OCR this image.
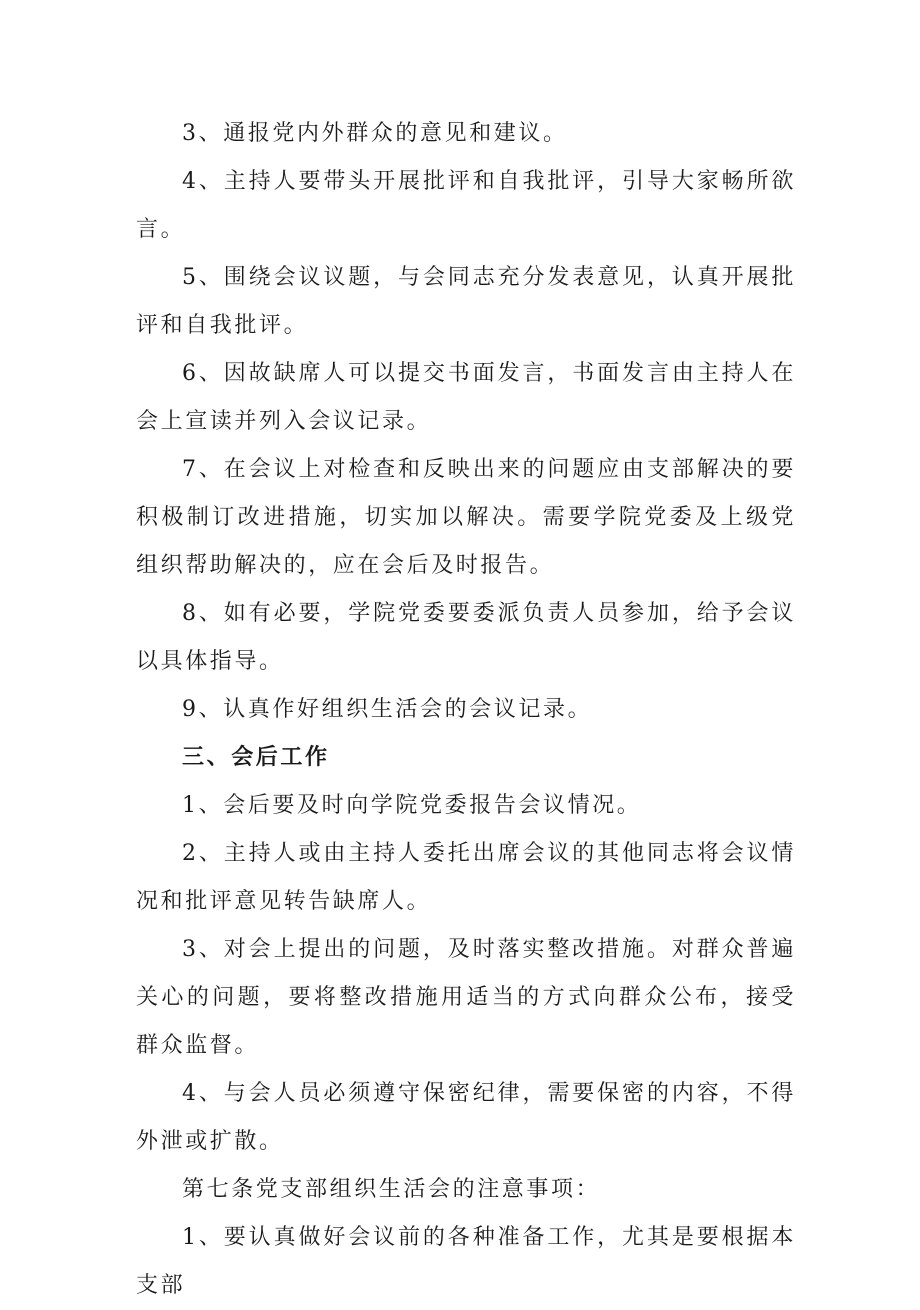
3、通报党内外群众的意见和建议。

4、主持人要带头开展批评和自我批评，引导大家畅所欲言。

5、围绕会议议题，与会同志充分发表意见，认真开展批评和自我批评。

6、因故缺席人可以提交书面发言，书面发言由主持人在会上宣读并列入会议记录。

7、在会议上对检查和反映出来的问题应由支部解决的要积极制订改进措施，切实加以解决。需要学院党委及上级党组织帮助解决的，应在会后及时报告。

8、如有必要，学院党委要委派负责人员参加，给予会议以具体指导。

9、认真作好组织生活会的会议记录。

三、会后工作

1、会后要及时向学院党委报告会议情况。

2、主持人或由主持人委托出席会议的其他同志将会议情况和批评意见转告缺席人。

3、对会上提出的问题，及时落实整改措施。对群众普遍关心的问题，要将整改措施用适当的方式向群众公布，接受群众监督。

4、与会人员必须遵守保密纪律，需要保密的内容，不得外泄或扩散。

第七条党支部组织生活会的注意事项：

1、要认真做好会议前的各种准备工作，尤其是要根据本支部
